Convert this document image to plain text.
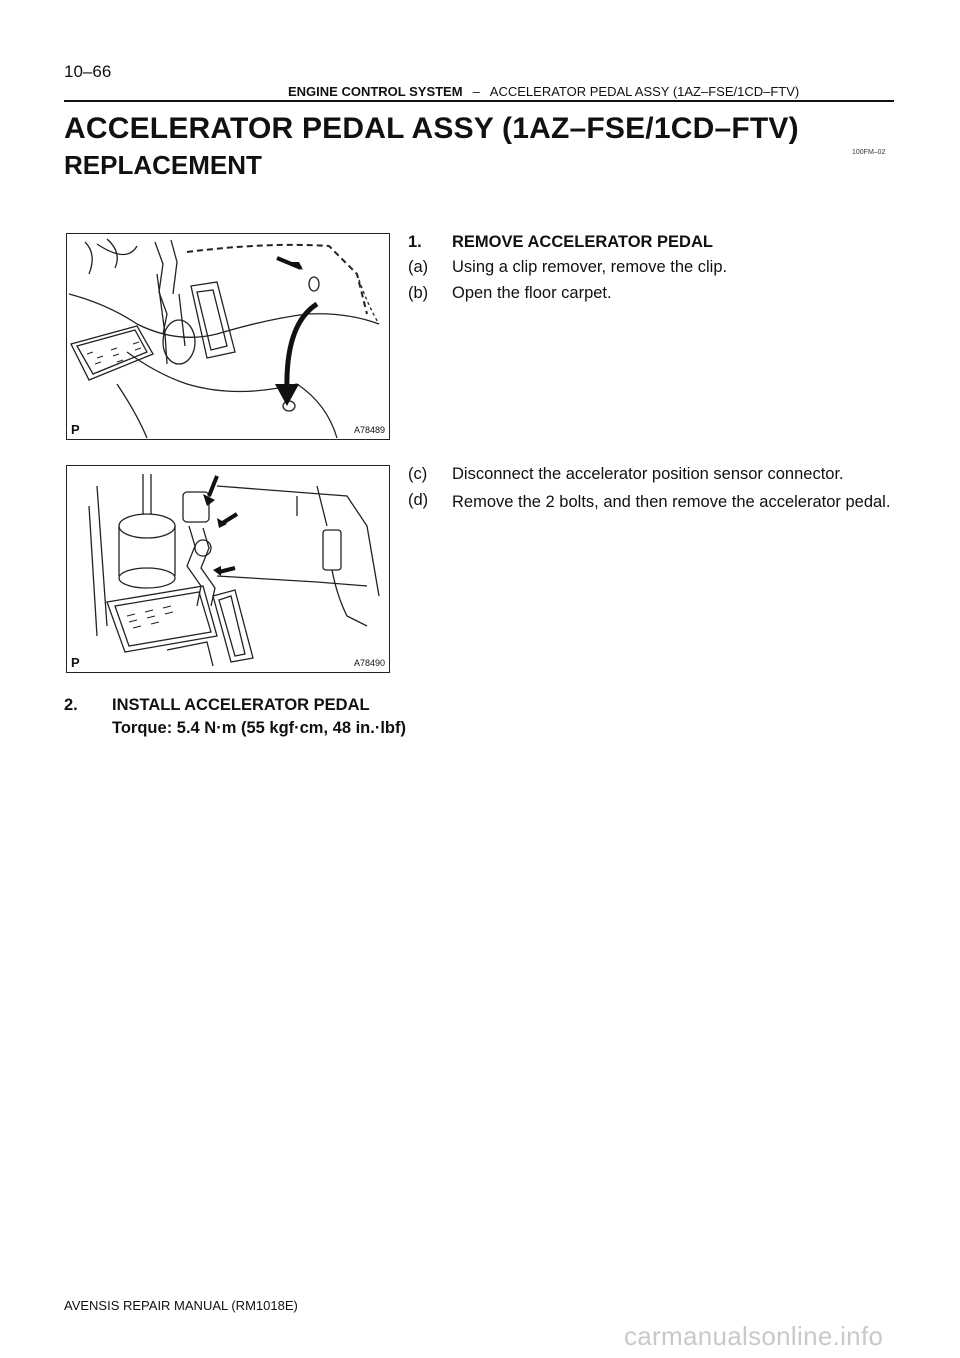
10–66
ENGINE CONTROL SYSTEM – ACCELERATOR PEDAL ASSY (1AZ–FSE/1CD–FTV)
ACCELERATOR PEDAL ASSY (1AZ–FSE/1CD–FTV)
REPLACEMENT	100FM–02
P	A78489
P	A78490
1. REMOVE ACCELERATOR PEDAL
(a) Using a clip remover, remove the clip.
(b) Open the floor carpet.
(c) Disconnect the accelerator position sensor connector.
(d) Remove the 2 bolts, and then remove the accelerator pedal.
2. INSTALL ACCELERATOR PEDAL
Torque: 5.4 N·m (55 kgf·cm, 48 in.·lbf)
AVENSIS REPAIR MANUAL (RM1018E)
carmanualsonline.info
